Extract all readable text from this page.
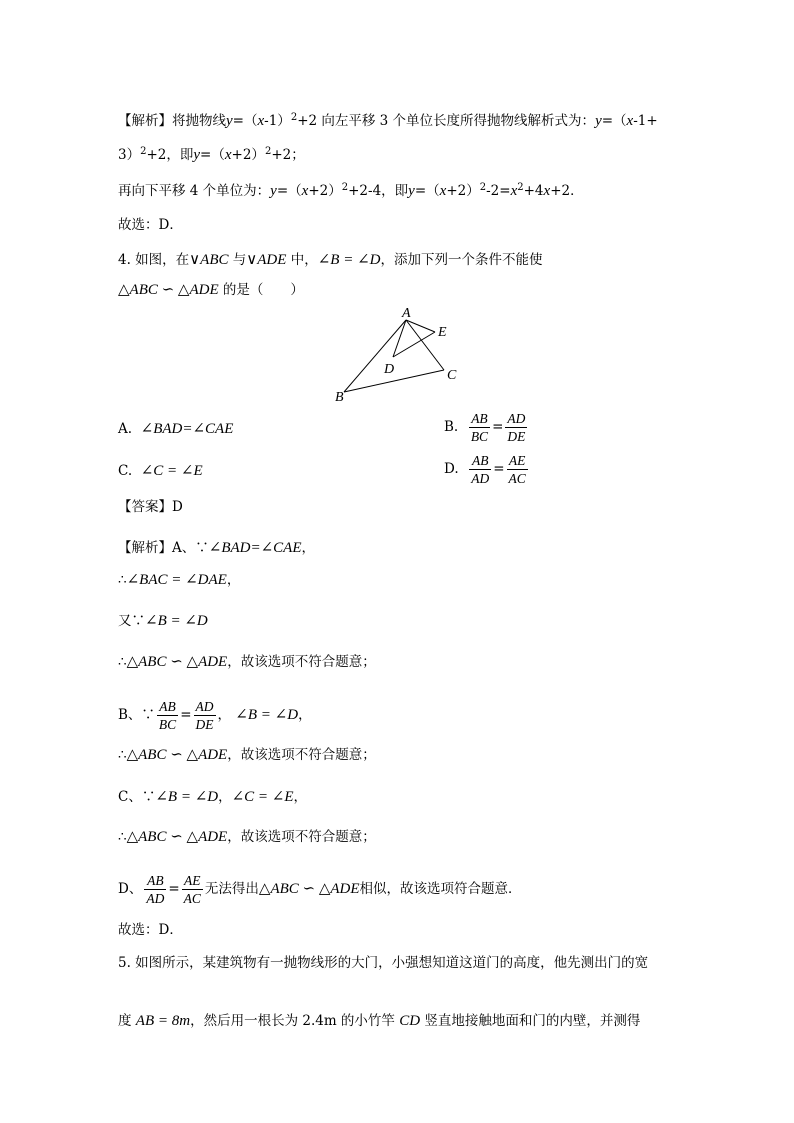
【解析】将抛物线$y=(x-1)^2+2$ 向左平移 3 个单位长度所得抛物线解析式为：y=（x-1+
3）$^2$+2，即$y=(x+2)^2+2$；
再向下平移 4 个单位为：$y=(x+2)^2+2-4$，即$y=(x+2)^2-2=x^2+4x+2$．
故选：D．
4. 如图，在∨ABC 与∨ADE 中，∠B = ∠D，添加下列一个条件不能使
△ABC ∽ △ADE 的是（　　）
A
E
D	C
B
A. ∠BAD=∠CAE	B. $\frac{AB}{BC} = \frac{AD}{DE}$
C. ∠C = ∠E	D. $\frac{AB}{AD} = \frac{AE}{AC}$
【答案】D
【解析】A、∵∠BAD=∠CAE，
∴∠BAC = ∠DAE，
又∵∠B = ∠D
∴△ABC ∽ △ADE，故该选项不符合题意；
B、∵ $\frac{AB}{BC} = \frac{AD}{DE}$ ， ∠B = ∠D，
∴△ABC ∽ △ADE，故该选项不符合题意；
C、∵∠B = ∠D，∠C = ∠E，
∴△ABC ∽ △ADE，故该选项不符合题意；
D、 $\frac{AB}{AD} = \frac{AE}{AC}$ 无法得出△ABC ∽ △ADE相似，故该选项符合题意．
故选：D．
5. 如图所示，某建筑物有一抛物线形的大门，小强想知道这道门的高度，他先测出门的宽
度 AB = 8m，然后用一根长为 2.4m 的小竹竿 CD 竖直地接触地面和门的内壁，并测得
